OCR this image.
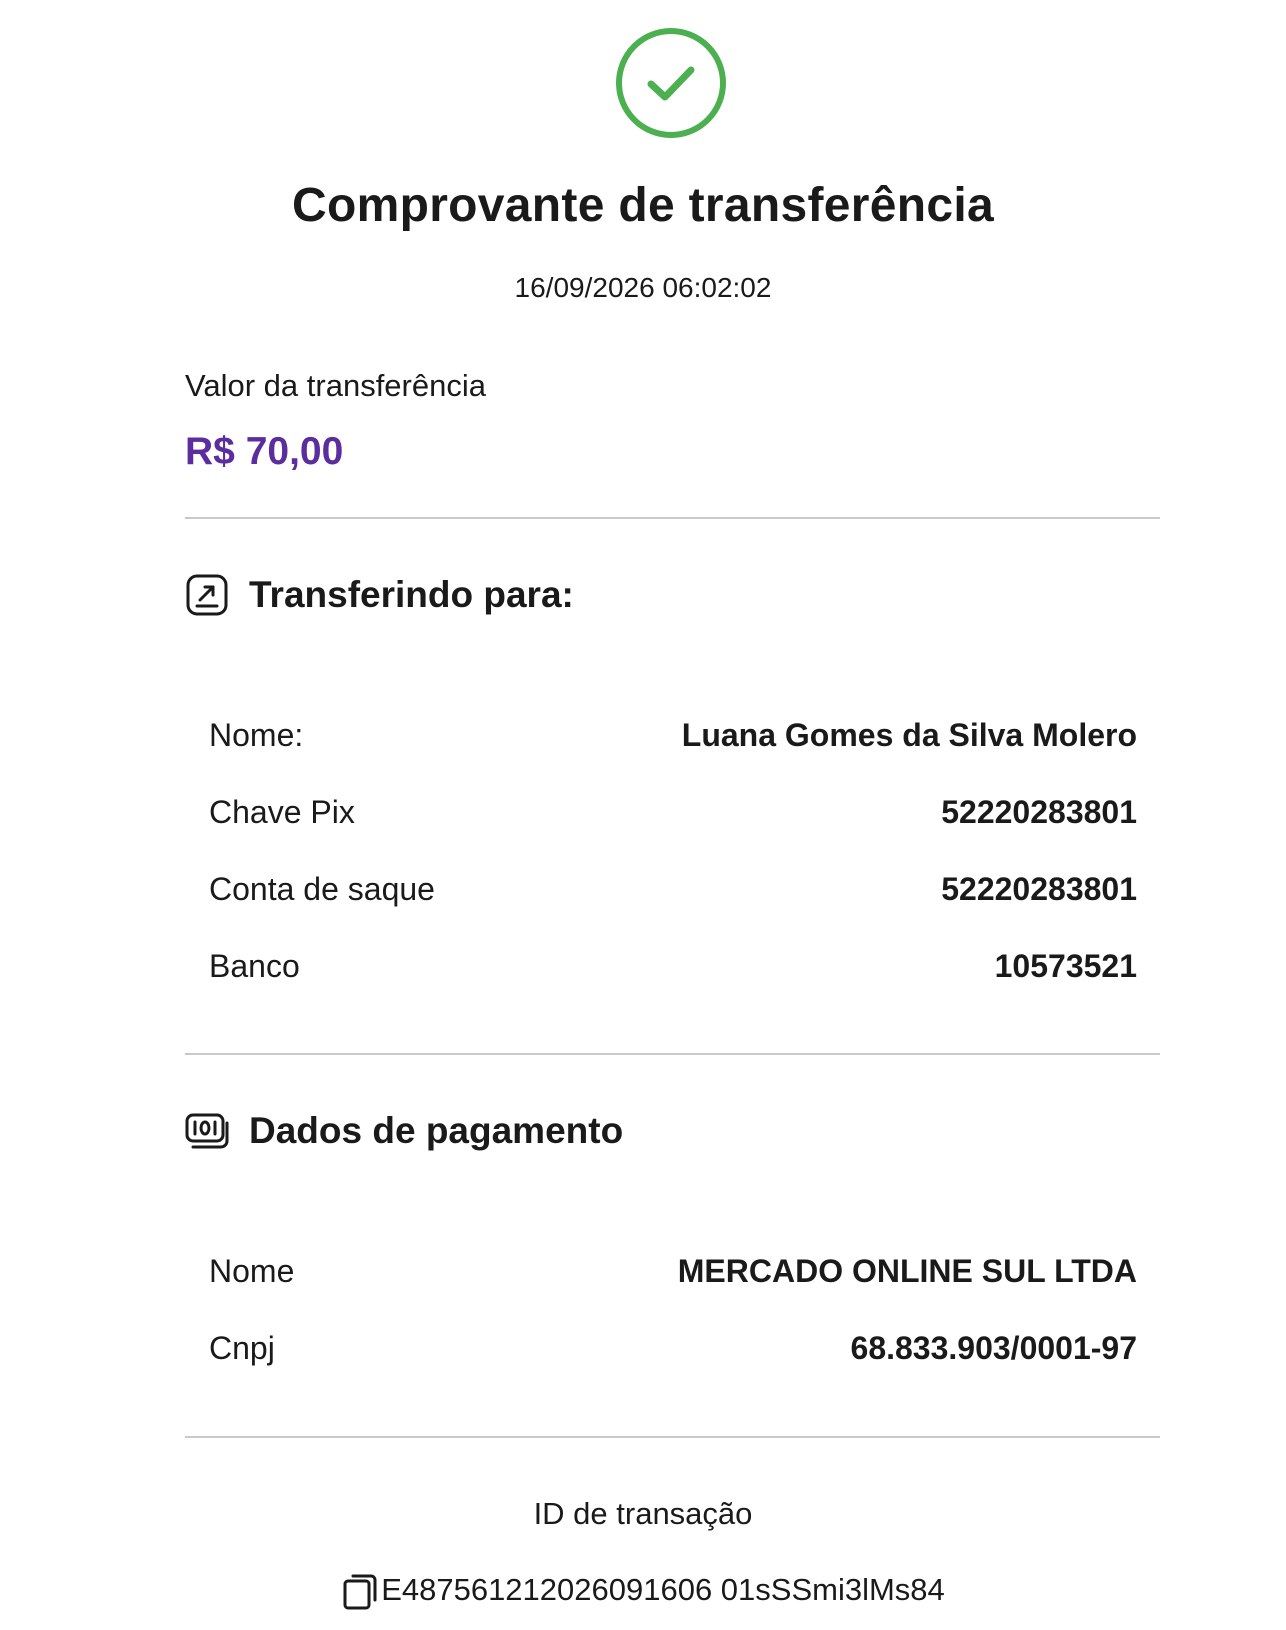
Comprovante de transferência
16/09/2026 06:02:02
Valor da transferência
R$ 70,00
Transferindo para:
Nome:	Luana Gomes da Silva Molero
Chave Pix	52220283801
Conta de saque	52220283801
Banco	10573521
Dados de pagamento
Nome	MERCADO ONLINE SUL LTDA
Cnpj	68.833.903/0001-97
ID de transação
E487561212026091606 01sSSmi3lMs84
